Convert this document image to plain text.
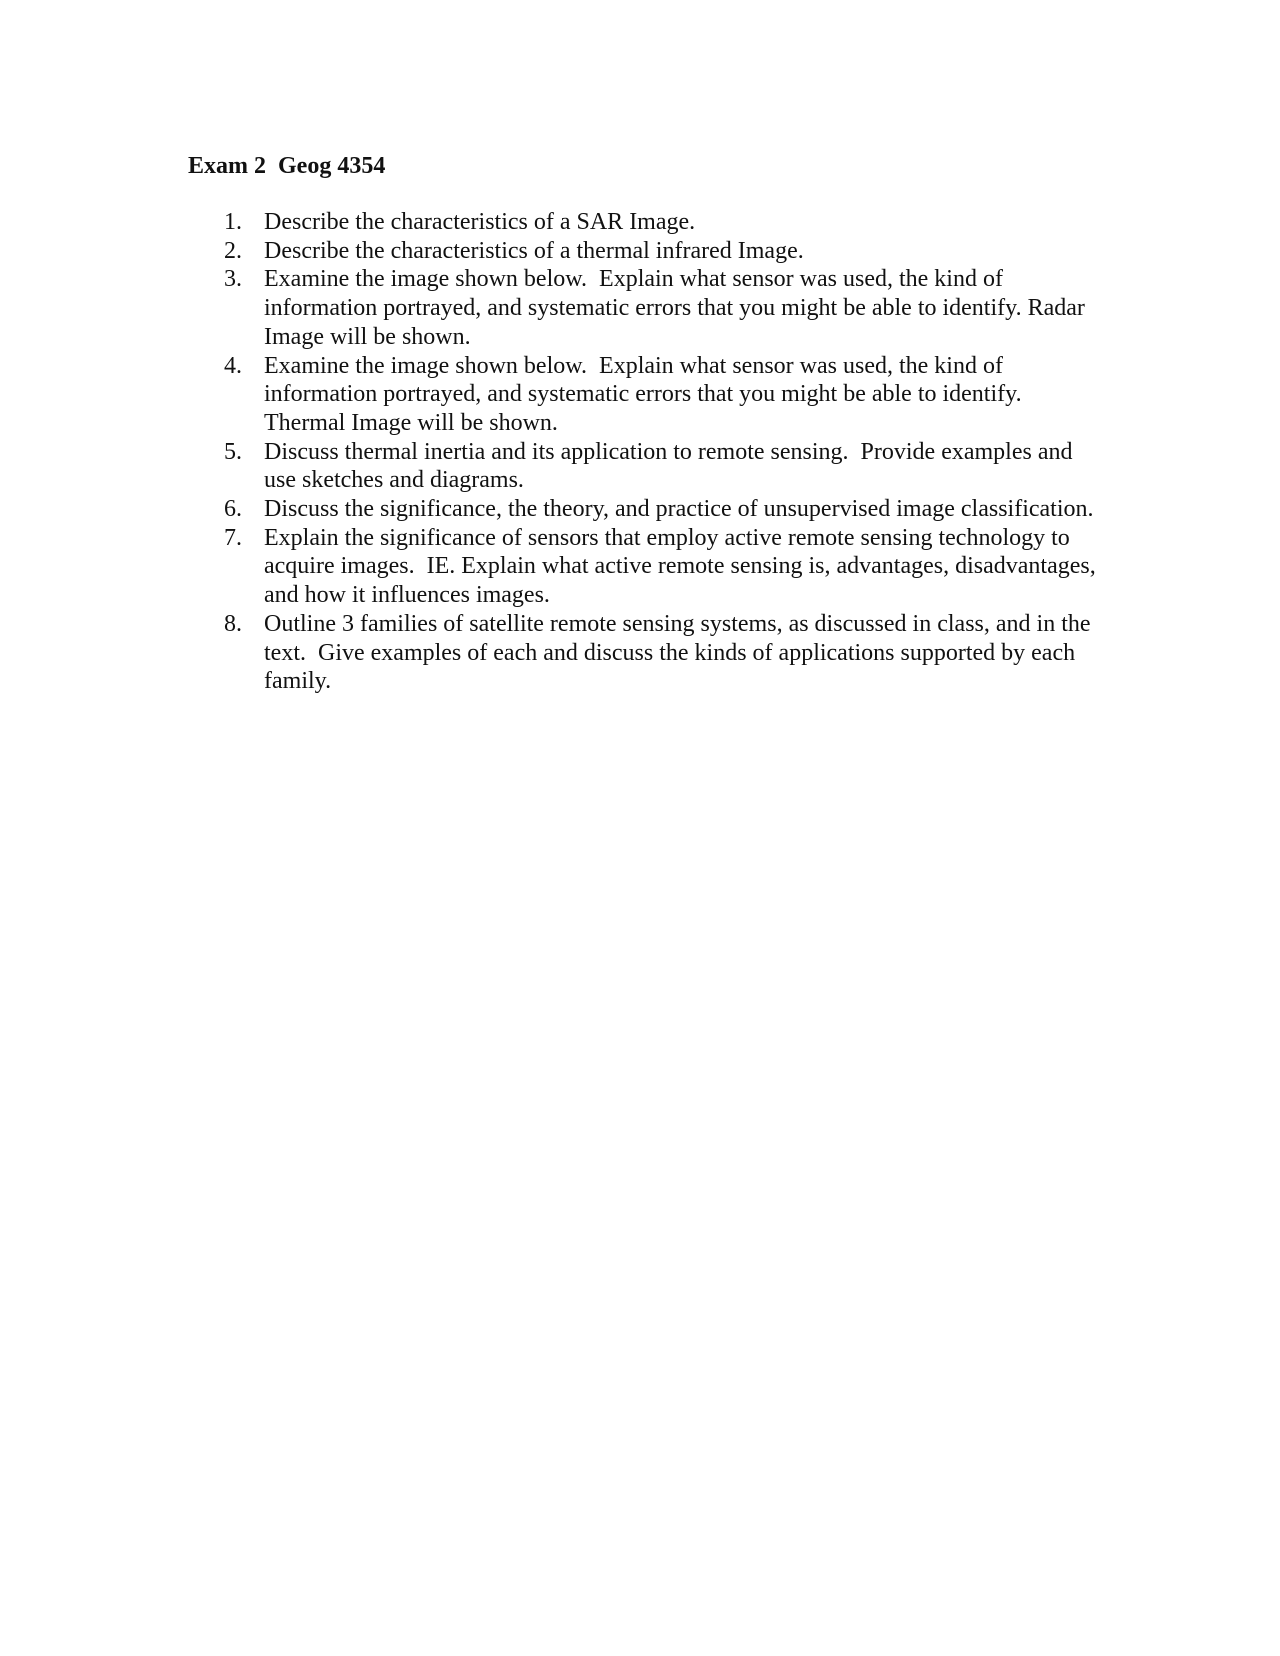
Exam 2  Geog 4354
1. Describe the characteristics of a SAR Image.
2. Describe the characteristics of a thermal infrared Image.
3. Examine the image shown below.  Explain what sensor was used, the kind of information portrayed, and systematic errors that you might be able to identify. Radar Image will be shown.
4. Examine the image shown below.  Explain what sensor was used, the kind of information portrayed, and systematic errors that you might be able to identify. Thermal Image will be shown.
5. Discuss thermal inertia and its application to remote sensing.  Provide examples and use sketches and diagrams.
6. Discuss the significance, the theory, and practice of unsupervised image classification.
7. Explain the significance of sensors that employ active remote sensing technology to acquire images.  IE. Explain what active remote sensing is, advantages, disadvantages, and how it influences images.
8. Outline 3 families of satellite remote sensing systems, as discussed in class, and in the text.  Give examples of each and discuss the kinds of applications supported by each family.
